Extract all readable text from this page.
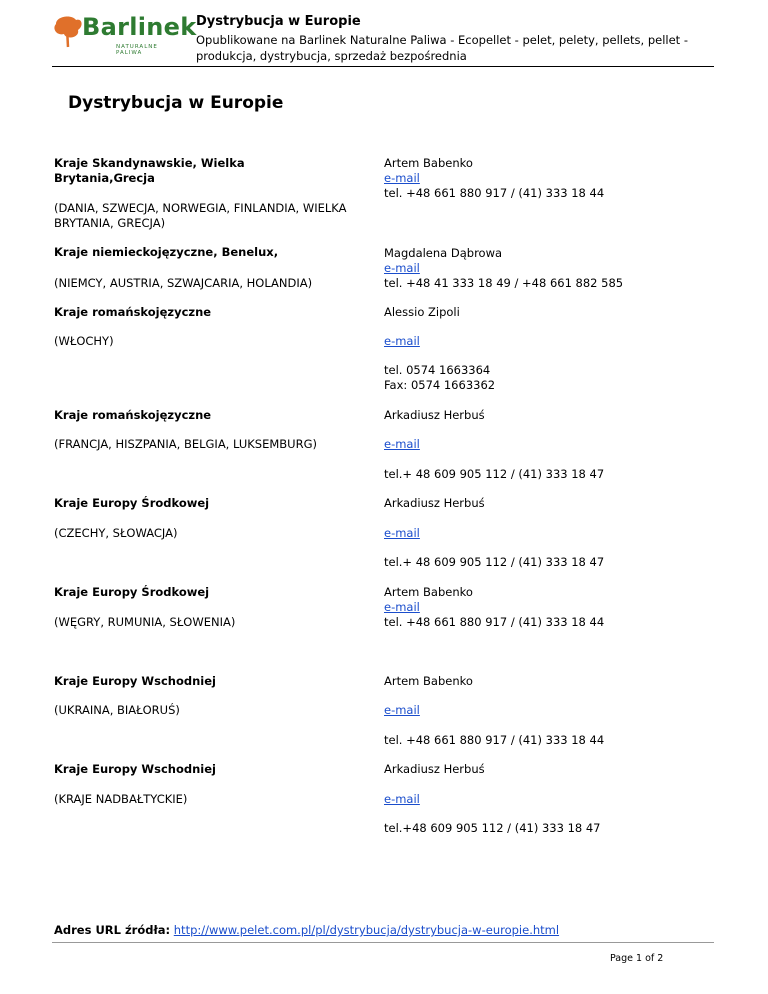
Barlinek
NATURALNE PALIWA
Dystrybucja w Europie
Opublikowane na Barlinek Naturalne Paliwa - Ecopellet - pelet, pelety, pellets, pellet - produkcja, dystrybucja, sprzedaż bezpośrednia
Dystrybucja w Europie
Kraje Skandynawskie, Wielka
Brytania,Grecja
(DANIA, SZWECJA, NORWEGIA, FINLANDIA, WIELKA
BRYTANIA, GRECJA)
Artem Babenko
e-mail
tel. +48 661 880 917 / (41) 333 18 44
Kraje niemieckojęzyczne, Benelux,
(NIEMCY, AUSTRIA, SZWAJCARIA, HOLANDIA)
Magdalena Dąbrowa
e-mail
tel. +48 41 333 18 49 / +48 661 882 585
Kraje romańskojęzyczne
(WŁOCHY)
Alessio Zipoli
e-mail
tel. 0574 1663364
Fax: 0574 1663362
Kraje romańskojęzyczne
(FRANCJA, HISZPANIA, BELGIA, LUKSEMBURG)
Arkadiusz Herbuś
e-mail
tel.+ 48 609 905 112 / (41) 333 18 47
Kraje Europy Środkowej
(CZECHY, SŁOWACJA)
Arkadiusz Herbuś
e-mail
tel.+ 48 609 905 112 / (41) 333 18 47
Kraje Europy Środkowej
(WĘGRY, RUMUNIA, SŁOWENIA)
Artem Babenko
e-mail
tel. +48 661 880 917 / (41) 333 18 44
Kraje Europy Wschodniej
(UKRAINA, BIAŁORUŚ)
Artem Babenko
e-mail
tel. +48 661 880 917 / (41) 333 18 44
Kraje Europy Wschodniej
(KRAJE NADBAŁTYCKIE)
Arkadiusz Herbuś
e-mail
tel.+48 609 905 112 / (41) 333 18 47
Adres URL źródła: http://www.pelet.com.pl/pl/dystrybucja/dystrybucja-w-europie.html
Page 1 of 2
